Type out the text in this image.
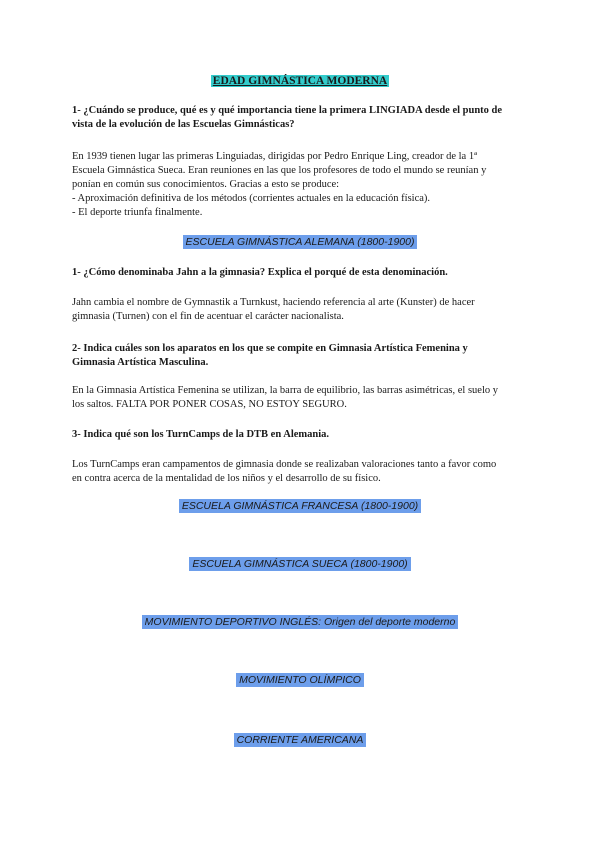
EDAD GIMNÁSTICA MODERNA
1- ¿Cuándo se produce, qué es y qué importancia tiene la primera LINGIADA desde el punto de
vista de la evolución de las Escuelas Gimnásticas?
En 1939 tienen lugar las primeras Linguiadas, dirigidas por Pedro Enrique Ling, creador de la 1ª
Escuela Gimnástica Sueca. Eran reuniones en las que los profesores de todo el mundo se reunían y
ponían en común sus conocimientos. Gracias a esto se produce:
- Aproximación definitiva de los métodos (corrientes actuales en la educación física).
- El deporte triunfa finalmente.
ESCUELA GIMNÁSTICA ALEMANA (1800-1900)
1- ¿Cómo denominaba Jahn a la gimnasia? Explica el porqué de esta denominación.
Jahn cambia el nombre de Gymnastik a Turnkust, haciendo referencia al arte (Kunster) de hacer
gimnasia (Turnen) con el fin de acentuar el carácter nacionalista.
2- Indica cuáles son los aparatos en los que se compite en Gimnasia Artística Femenina y
Gimnasia Artística Masculina.
En la Gimnasia Artística Femenina se utilizan, la barra de equilibrio, las barras asimétricas, el suelo y
los saltos. FALTA POR PONER COSAS, NO ESTOY SEGURO.
3- Indica qué son los TurnCamps de la DTB en Alemania.
Los TurnCamps eran campamentos de gimnasia donde se realizaban valoraciones tanto a favor como
en contra acerca de la mentalidad de los niños y el desarrollo de su físico.
ESCUELA GIMNÁSTICA FRANCESA (1800-1900)
ESCUELA GIMNÁSTICA SUECA (1800-1900)
MOVIMIENTO DEPORTIVO INGLÉS: Origen del deporte moderno
MOVIMIENTO OLÍMPICO
CORRIENTE AMERICANA
